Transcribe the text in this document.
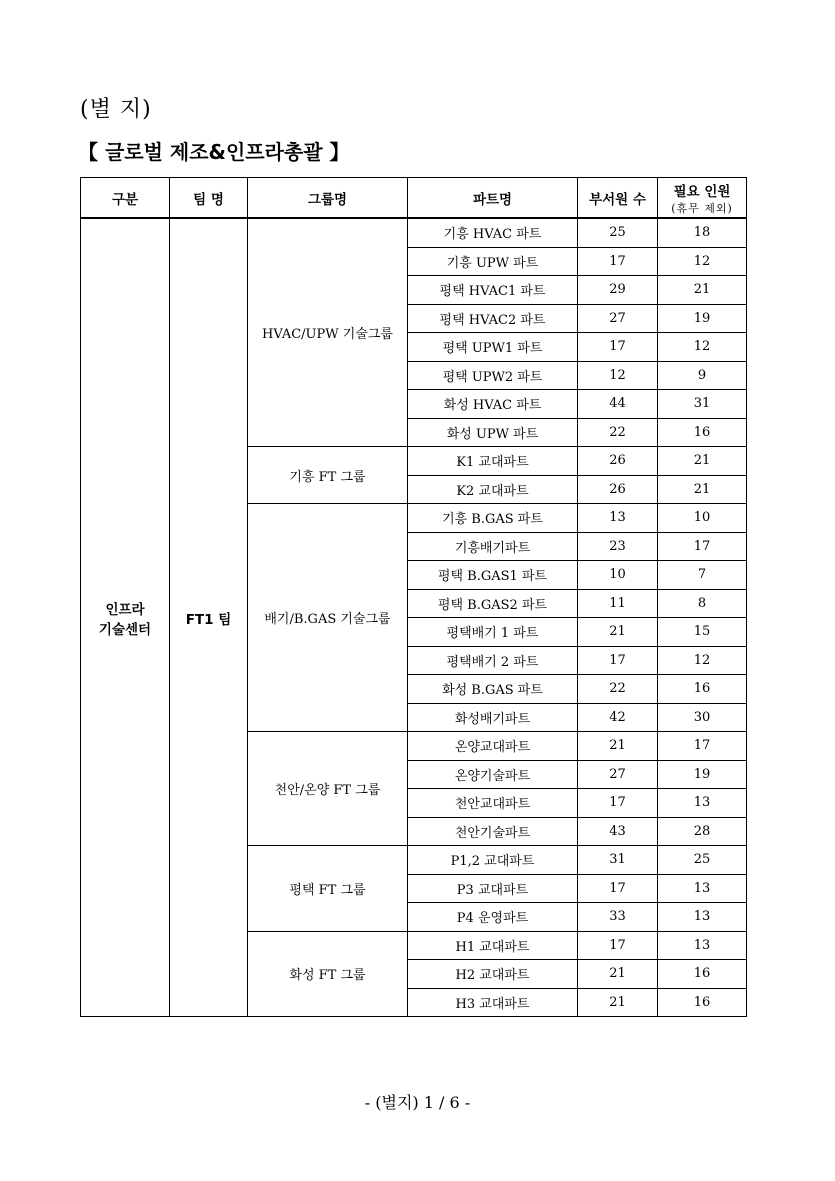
(별 지)
【 글로벌 제조&인프라총괄 】
구분	팀 명	그룹명	파트명	부서원 수	필요 인원
(휴무 제외)

인프라
기술센터	FT1 팀	HVAC/UPW 기술그룹	기흥 HVAC 파트	25	18
			기흥 UPW 파트	17	12
			평택 HVAC1 파트	29	21
			평택 HVAC2 파트	27	19
			평택 UPW1 파트	17	12
			평택 UPW2 파트	12	9
			화성 HVAC 파트	44	31
			화성 UPW 파트	22	16
		기흥 FT 그룹	K1 교대파트	26	21
			K2 교대파트	26	21
		배기/B.GAS 기술그룹	기흥 B.GAS 파트	13	10
			기흥배기파트	23	17
			평택 B.GAS1 파트	10	7
			평택 B.GAS2 파트	11	8
			평택배기 1 파트	21	15
			평택배기 2 파트	17	12
			화성 B.GAS 파트	22	16
			화성배기파트	42	30
		천안/온양 FT 그룹	온양교대파트	21	17
			온양기술파트	27	19
			천안교대파트	17	13
			천안기술파트	43	28
		평택 FT 그룹	P1,2 교대파트	31	25
			P3 교대파트	17	13
			P4 운영파트	33	13
		화성 FT 그룹	H1 교대파트	17	13
			H2 교대파트	21	16
			H3 교대파트	21	16
- (별지) 1 / 6 -
